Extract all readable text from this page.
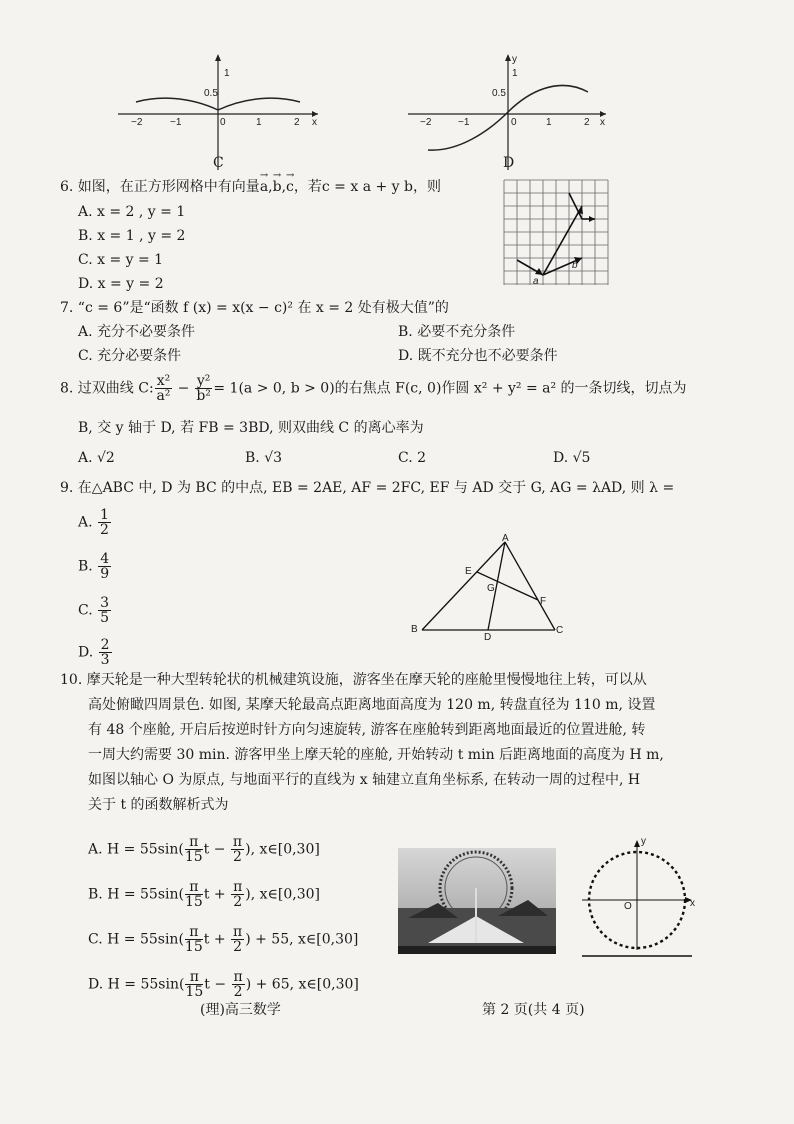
−2	−1	0	1	2 x
1
0.5
C
−2	−1	0	1	2 x
y
1
0.5
D
6. 如图，在正方形网格中有向量→ a,→ b,→ c，若c = x a + y b，则
A. x = 2 , y = 1
B. x = 1 , y = 2
C. x = y = 1
D. x = y = 2	a
b
7. “c = 6”是“函数 f (x) = x(x − c)² 在 x = 2 处有极大值”的
A. 充分不必要条件	B. 必要不充分条件
C. 充分必要条件	D. 既不充分也不必要条件
8. 过双曲线 C: $\frac{\text{x²}}{\text{a²}} - \frac{\text{y²}}{\text{b²}} = 1(a > 0$, b > 0)的右焦点 F(c, 0)作圆 x² + y² = a² 的一条切线，切点为
B, 交 y 轴于 D, 若 FB = 3BD, 则双曲线 C 的离心率为
A. √2	B. √3	C. 2	D. √5
9. 在△ABC 中, D 为 BC 的中点, EB = 2AE, AF = 2FC, EF 与 AD 交于 G, AG = λAD, 则 λ =
A. $\frac{1}{2}$
B. $\frac{4}{9}$
C. $\frac{3}{5}$
D. $\frac{2}{3}$
A
E
G
F
B
D
C
10. 摩天轮是一种大型转轮状的机械建筑设施，游客坐在摩天轮的座舱里慢慢地往上转，可以从
高处俯瞰四周景色. 如图, 某摩天轮最高点距离地面高度为 120 m, 转盘直径为 110 m, 设置
有 48 个座舱, 开启后按逆时针方向匀速旋转, 游客在座舱转到距离地面最近的位置进舱, 转
一周大约需要 30 min. 游客甲坐上摩天轮的座舱, 开始转动 t min 后距离地面的高度为 H m,
如图以轴心 O 为原点, 与地面平行的直线为 x 轴建立直角坐标系, 在转动一周的过程中, H
关于 t 的函数解析式为
A. $H = 55\sin( \frac{\pi}{15}$ $t - \frac{\pi}{2}$ ), x∈[0,30]
B. $H = 55\sin( \frac{\pi}{15}$ $t + \frac{\pi}{2}$ ), x∈[0,30]
C. $H = 55\sin( \frac{\pi}{15}$ $t + \frac{\pi}{2}$ ) + 55, x∈[0,30]
D. $H = 55\sin( \frac{\pi}{15}$ $t - \frac{\pi}{2}$ ) + 65, x∈[0,30]
y
O	x
(理)高三数学	第 2 页(共 4 页)
